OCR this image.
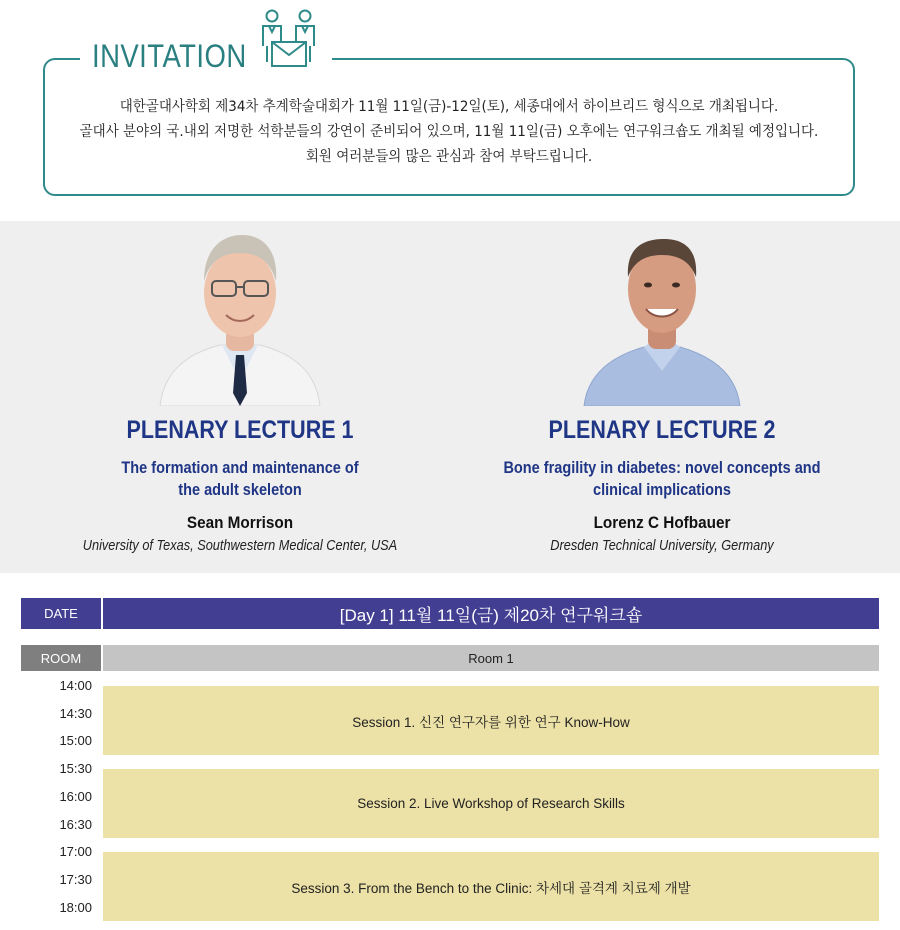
INVITATION
대한골대사학회 제34차 추계학술대회가 11월 11일(금)-12일(토), 세종대에서 하이브리드 형식으로 개최됩니다.
골대사 분야의 국.내외 저명한 석학분들의 강연이 준비되어 있으며, 11월 11일(금) 오후에는 연구워크숍도 개최될 예정입니다.
회원 여러분들의 많은 관심과 참여 부탁드립니다.
PLENARY LECTURE 1
The formation and maintenance of
the adult skeleton
Sean Morrison
University of Texas, Southwestern Medical Center, USA
PLENARY LECTURE 2
Bone fragility in diabetes: novel concepts and
clinical implications
Lorenz C Hofbauer
Dresden Technical University, Germany
DATE	[Day 1] 11월 11일(금) 제20차 연구워크숍
ROOM	Room 1
14:00
14:30
15:00
15:30
16:00
16:30
17:00
17:30
18:00
Session 1. 신진 연구자를 위한 연구 Know-How
Session 2. Live Workshop of Research Skills
Session 3. From the Bench to the Clinic: 차세대 골격계 치료제 개발
